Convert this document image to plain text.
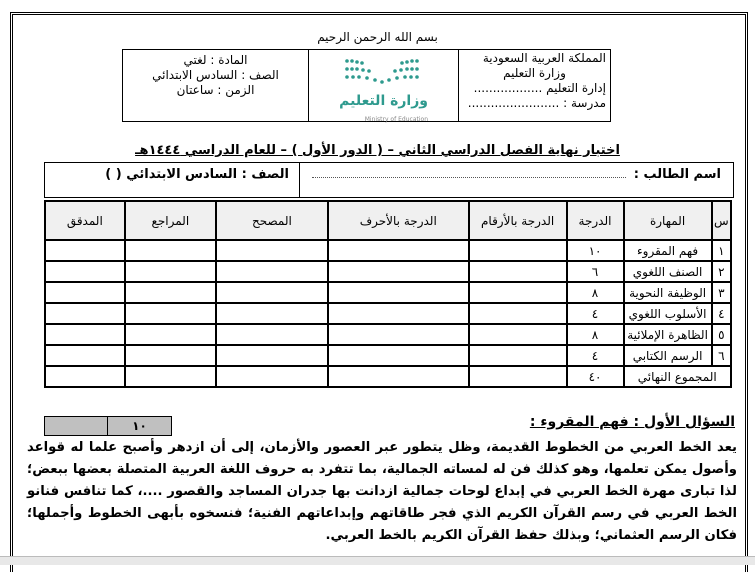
بسم الله الرحمن الرحيم
المملكة العربية السعودية
وزارة التعليم
إدارة التعليم ..................
مدرسة : ........................
وزارة التعليم
Ministry of Education
المادة : لغتي
الصف : السادس الابتدائي
الزمن : ساعتان
اختبار نهاية الفصل الدراسي الثاني – ( الدور الأول ) – للعام الدراسي ١٤٤٤هـ
اسم الطالب :
الصف : السادس الابتدائي ( )
س	المهارة	الدرجة	الدرجة بالأرقام	الدرجة بالأحرف	المصحح	المراجع	المدقق
١	فهم المقروء	١٠					
٢	الصنف اللغوي	٦					
٣	الوظيفة النحوية	٨					
٤	الأسلوب اللغوي	٤					
٥	الظاهرة الإملائية	٨					
٦	الرسم الكتابي	٤					
المجموع النهائي		٤٠					
١٠	السؤال الأول : فهم المقروء :
يعد الخط العربي من الخطوط القديمة، وظل يتطور عبر العصور والأزمان، إلى أن ازدهر وأصبح علما له قواعد وأصول يمكن تعلمها، وهو كذلك فن له لمساته الجمالية، بما تتفرد به حروف اللغة العربية المتصلة بعضها ببعض؛ لذا تبارى مهرة الخط العربي في إبداع لوحات جمالية ازدانت بها جدران المساجد والقصور ....، كما تنافس فنانو الخط العربي في رسم القرآن الكريم الذي فجر طاقاتهم وإبداعاتهم الفنية؛ فنسخوه بأبهى الخطوط وأجملها؛ فكان الرسم العثماني؛ وبذلك حفظ القرآن الكريم بالخط العربي.
